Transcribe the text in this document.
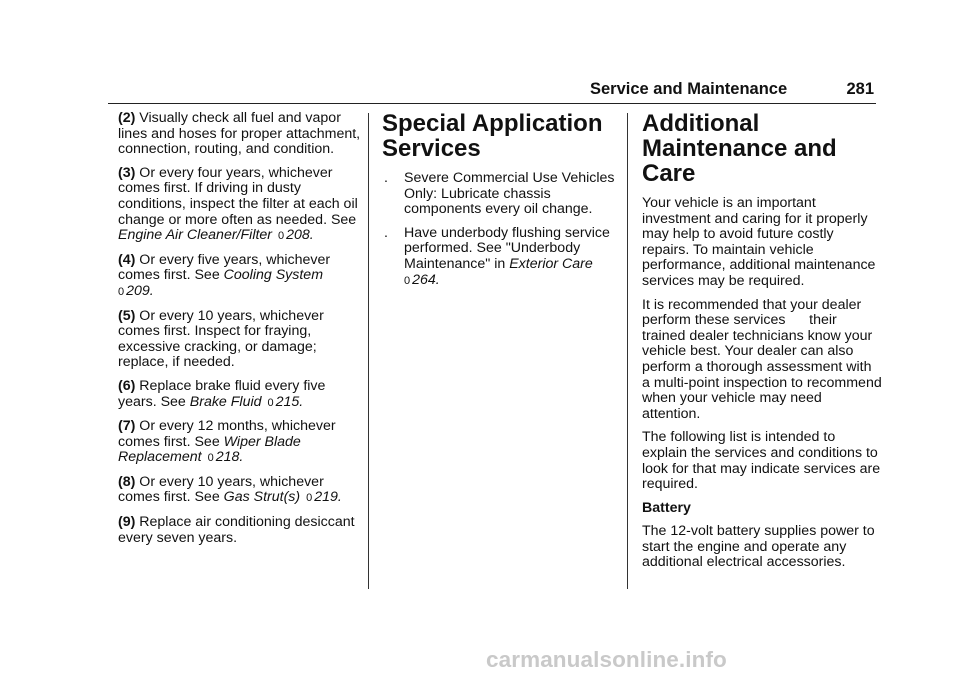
Service and Maintenance	281

(2) Visually check all fuel and vapor lines and hoses for proper attachment, connection, routing, and condition.

(3) Or every four years, whichever comes first. If driving in dusty conditions, inspect the filter at each oil change or more often as needed. See Engine Air Cleaner/Filter 0 208.

(4) Or every five years, whichever comes first. See Cooling System
0 209.

(5) Or every 10 years, whichever comes first. Inspect for fraying, excessive cracking, or damage; replace, if needed.

(6) Replace brake fluid every five years. See Brake Fluid 0 215.

(7) Or every 12 months, whichever comes first. See Wiper Blade Replacement 0 218.

(8) Or every 10 years, whichever comes first. See Gas Strut(s) 0 219.

(9) Replace air conditioning desiccant every seven years.

Special Application Services
.	Severe Commercial Use Vehicles Only: Lubricate chassis components every oil change.
.	Have underbody flushing service performed. See "Underbody Maintenance" in Exterior Care
0 264.
Additional Maintenance and Care

Your vehicle is an important investment and caring for it properly may help to avoid future costly repairs. To maintain vehicle performance, additional maintenance services may be required.

It is recommended that your dealer perform these services      their trained dealer technicians know your vehicle best. Your dealer can also perform a thorough assessment with a multi-point inspection to recommend when your vehicle may need attention.

The following list is intended to explain the services and conditions to look for that may indicate services are required.

Battery

The 12-volt battery supplies power to start the engine and operate any additional electrical accessories.

carmanualsonline.info
